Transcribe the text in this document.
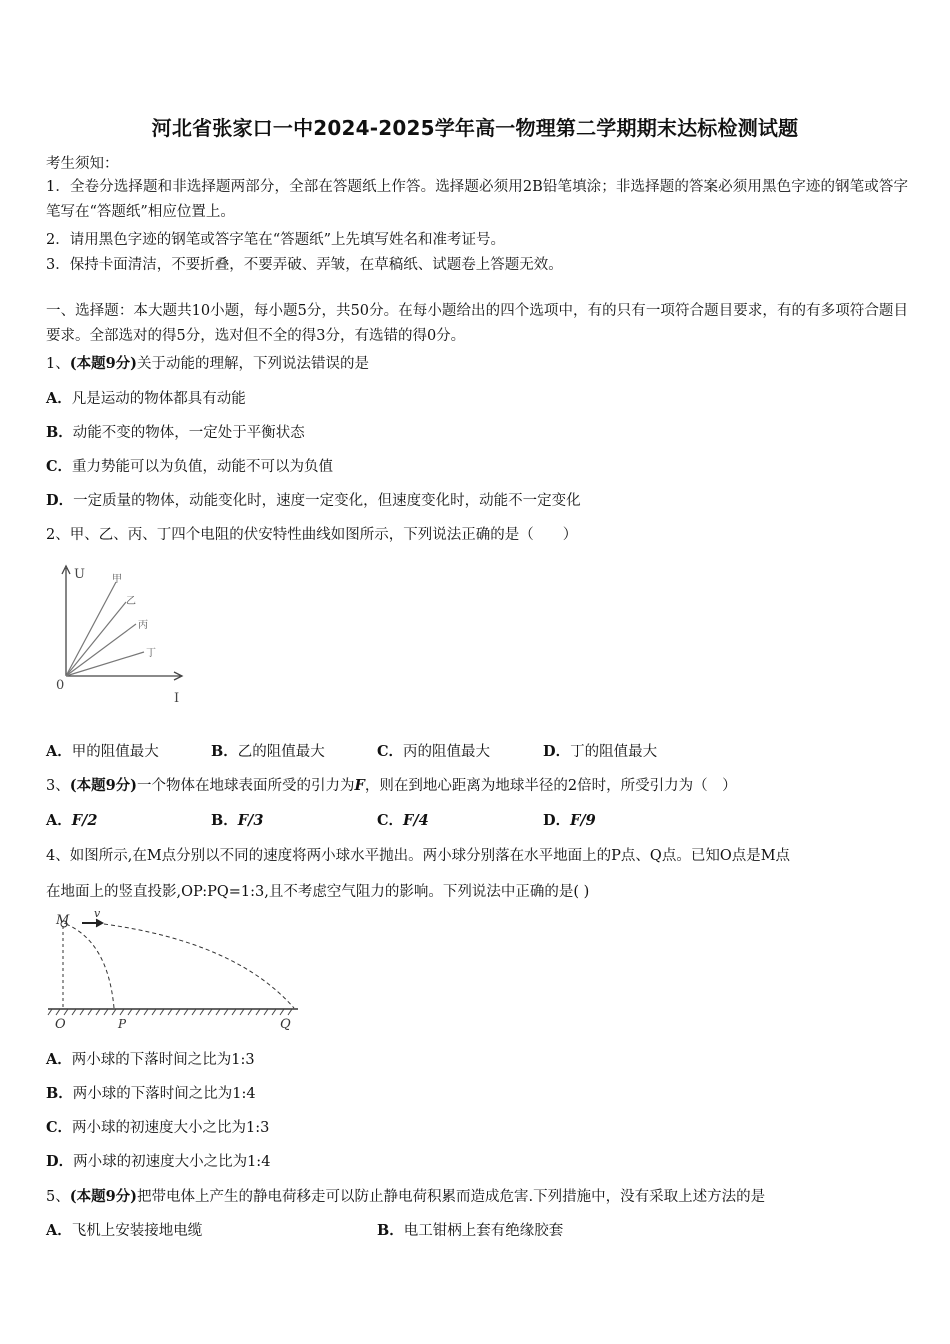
河北省张家口一中2024-2025学年高一物理第二学期期末达标检测试题
考生须知：
1．全卷分选择题和非选择题两部分，全部在答题纸上作答。选择题必须用2B铅笔填涂；非选择题的答案必须用黑色字迹的钢笔或答字笔写在“答题纸”相应位置上。
2．请用黑色字迹的钢笔或答字笔在“答题纸”上先填写姓名和准考证号。
3．保持卡面清洁，不要折叠，不要弄破、弄皱，在草稿纸、试题卷上答题无效。
一、选择题：本大题共10小题，每小题5分，共50分。在每小题给出的四个选项中，有的只有一项符合题目要求，有的有多项符合题目要求。全部选对的得5分，选对但不全的得3分，有选错的得0分。
1、(本题9分)关于动能的理解，下列说法错误的是
A．凡是运动的物体都具有动能
B．动能不变的物体，一定处于平衡状态
C．重力势能可以为负值，动能不可以为负值
D．一定质量的物体，动能变化时，速度一定变化，但速度变化时，动能不一定变化
2、甲、乙、丙、丁四个电阻的伏安特性曲线如图所示，下列说法正确的是（　　）
U
I
0
甲
乙
丙
丁
A．甲的阻值最大	B．乙的阻值最大	C．丙的阻值最大	D．丁的阻值最大
3、(本题9分)一个物体在地球表面所受的引力为F，则在到地心距离为地球半径的2倍时，所受引力为（　）
A．F/2	B．F/3	C．F/4	D．F/9
4、如图所示,在M点分别以不同的速度将两小球水平抛出。两小球分别落在水平地面上的P点、Q点。已知O点是M点
在地面上的竖直投影,OP:PQ=1:3,且不考虑空气阻力的影响。下列说法中正确的是( )
M v
O	P	Q
A．两小球的下落时间之比为1:3
B．两小球的下落时间之比为1:4
C．两小球的初速度大小之比为1:3
D．两小球的初速度大小之比为1:4
5、(本题9分)把带电体上产生的静电荷移走可以防止静电荷积累而造成危害.下列措施中，没有采取上述方法的是
A．飞机上安装接地电缆	B．电工钳柄上套有绝缘胶套
